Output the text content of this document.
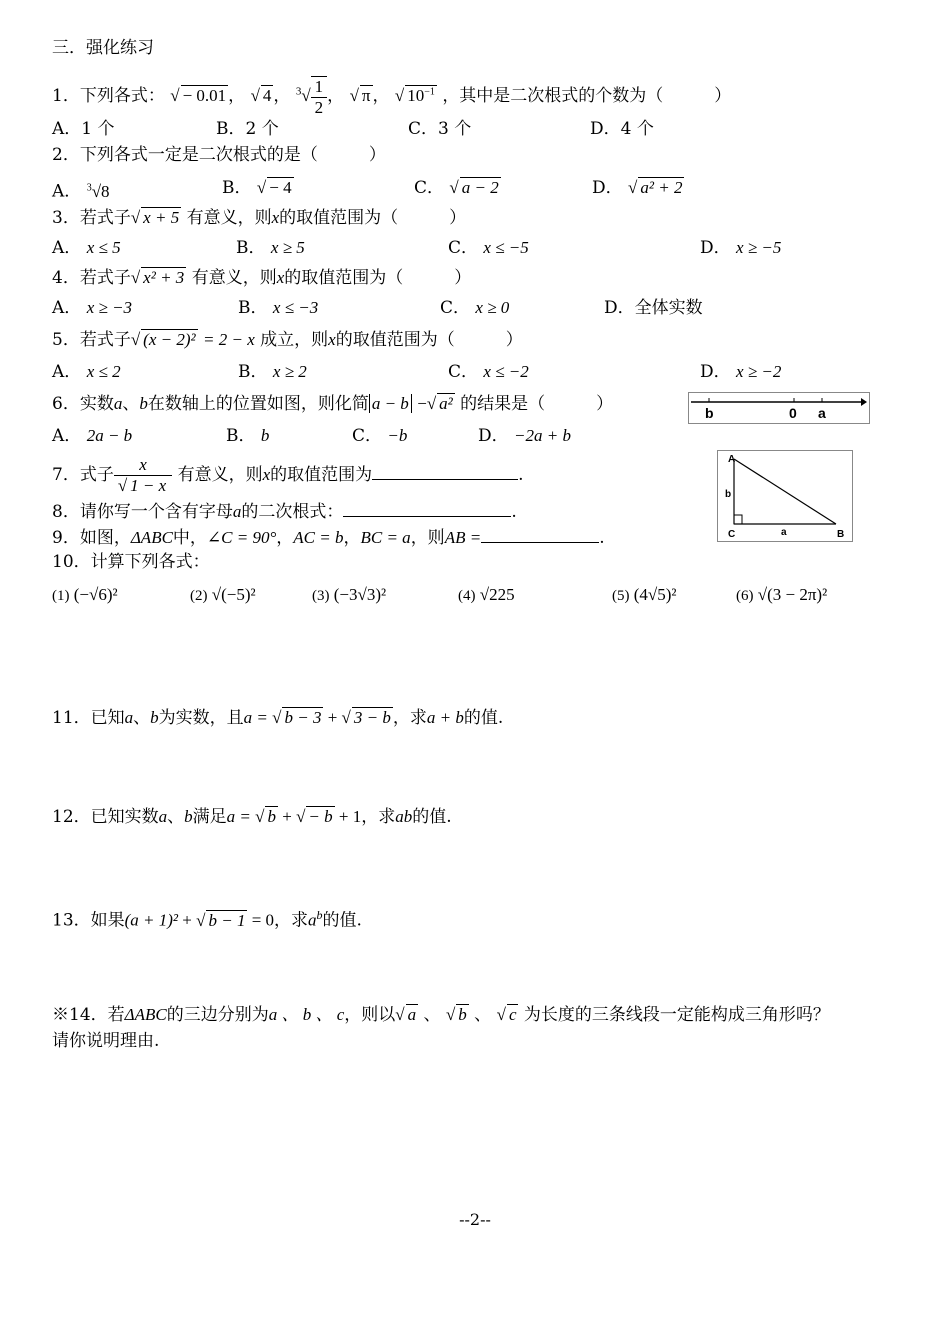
三．强化练习
1．下列各式： √ − 0.01 ， √ 4 ， $^3√ \frac{1}{2}$ ， √ π ， √ $10^{-1}$ ，其中是二次根式的个数为（　　　）
A．1 个	B．2 个	C．3 个	D．4 个
2．下列各式一定是二次根式的是（　　　）
A． $^3$√8	B． √ − 4	C． √ a − 2	D． √ a² + 2
3．若式子 √ x + 5 有意义，则x的取值范围为（　　　）
A． x ≤ 5	B． x ≥ 5	C． x ≤ −5	D． x ≥ −5
4．若式子 √ x² + 3 有意义，则x的取值范围为（　　　）
A． x ≥ −3	B． x ≤ −3	C． x ≥ 0	D．全体实数
5．若式子 √ (x − 2)² = 2 − x 成立，则x的取值范围为（　　　）
A． x ≤ 2	B． x ≥ 2	C． x ≤ −2	D． x ≥ −2
6．实数a、b在数轴上的位置如图，则化简 a − b − √ a² 的结果是（　　　）
A． 2a − b	B． b	C． −b	D． −2a + b
b	0 a
7．式子 x
√ 1 − x 有意义，则x的取值范围为	.
8．请你写一个含有字母a的二次根式：	.
9．如图，ΔABC中，∠C = 90°，AC = b，BC = a，则AB =	.
A
C	B
a
b
10．计算下列各式：
(1) (−√6)²	(2) √(−5)²	(3) (−3√3)²	(4) √225	(5) (4√5)²	(6) √(3 − 2π)²
11．已知a、b为实数，且a = √ b − 3 + √ 3 − b ，求a + b的值.
12．已知实数a、b满足a = √ b + √ − b + 1，求ab的值.
13．如果(a + 1)² + √ b − 1 = 0，求$a^b$的值.
※14．若ΔABC的三边分别为a 、 b 、 c，则以 √ a 、 √ b 、 √ c 为长度的三条线段一定能构成三角形吗？
请你说明理由.
--2--
